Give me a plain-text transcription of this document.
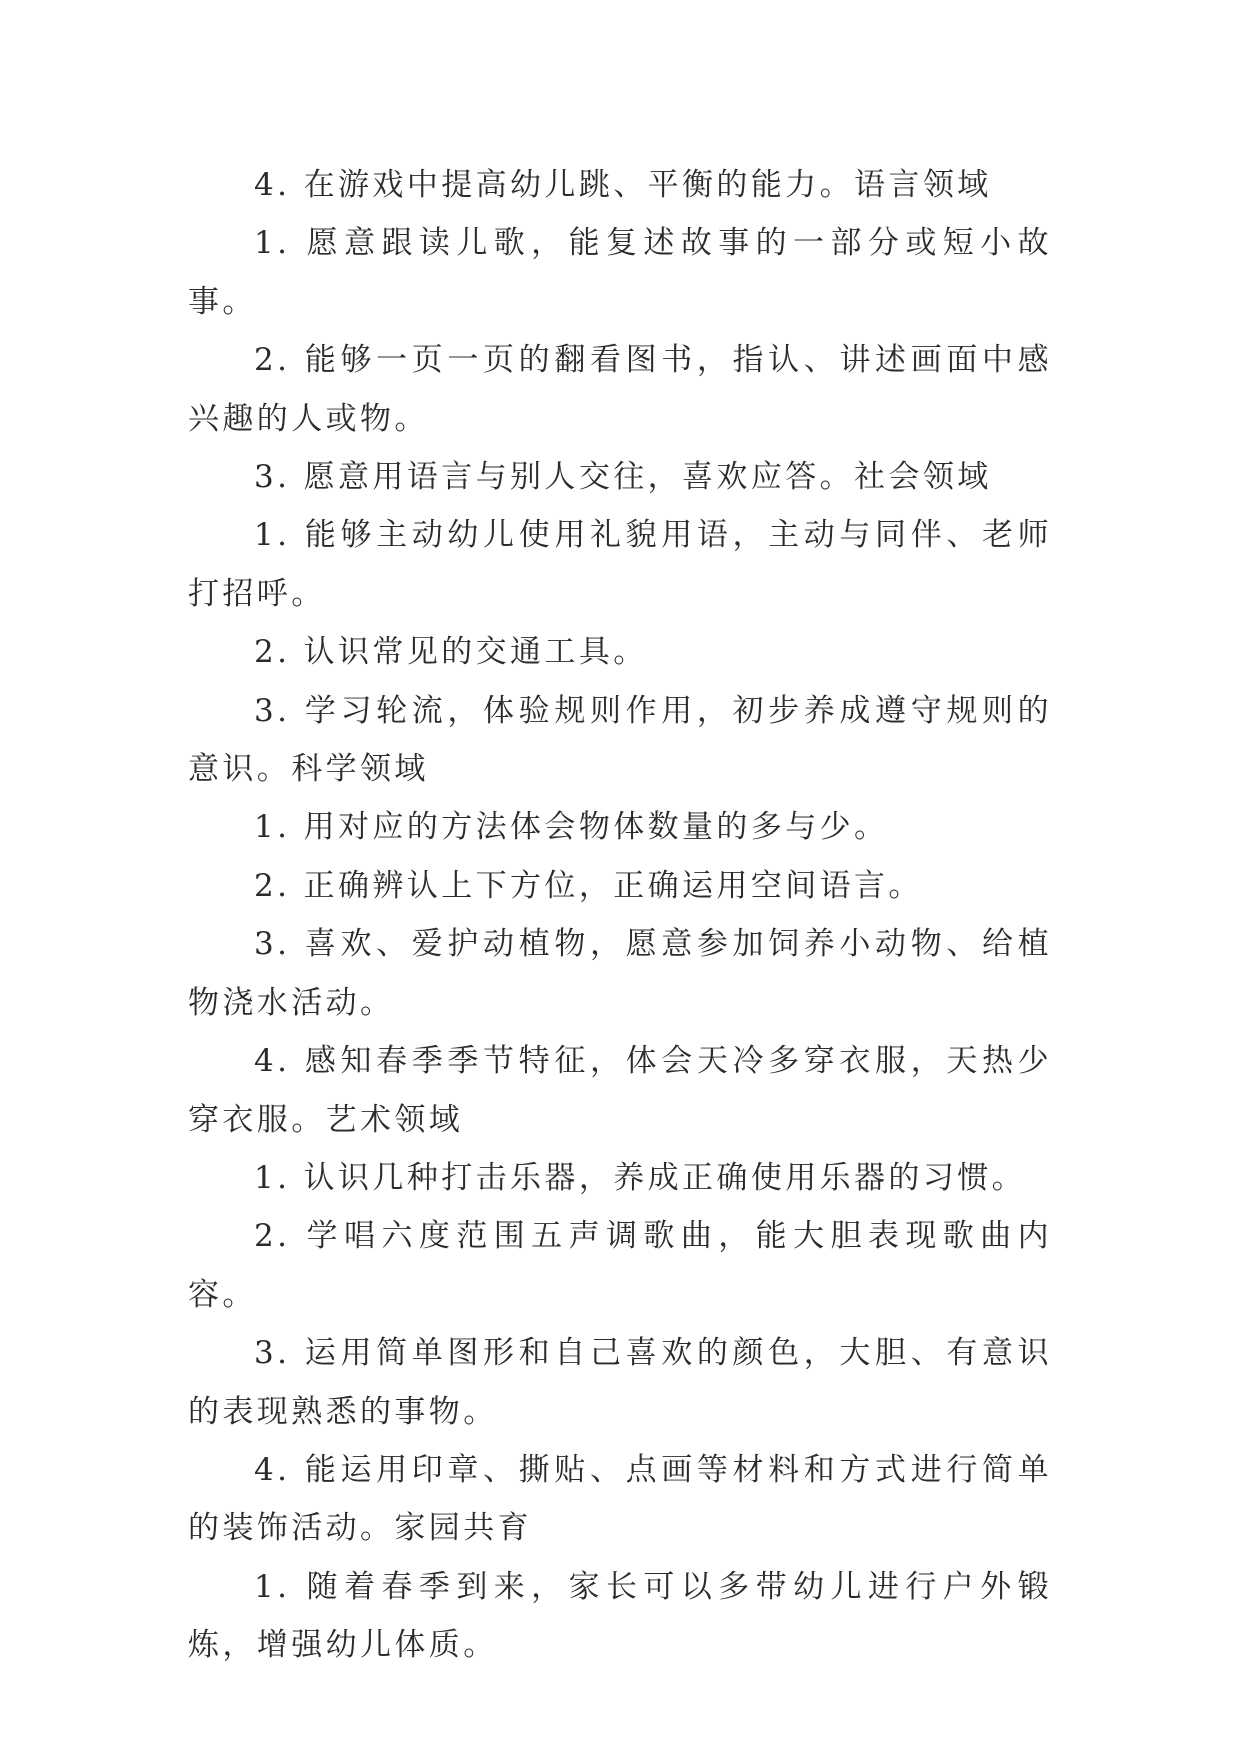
4. 在游戏中提高幼儿跳、平衡的能力。语言领域

1. 愿意跟读儿歌，能复述故事的一部分或短小故事。

2. 能够一页一页的翻看图书，指认、讲述画面中感兴趣的人或物。

3. 愿意用语言与别人交往，喜欢应答。社会领域

1. 能够主动幼儿使用礼貌用语，主动与同伴、老师打招呼。

2. 认识常见的交通工具。

3. 学习轮流，体验规则作用，初步养成遵守规则的意识。科学领域

1. 用对应的方法体会物体数量的多与少。

2. 正确辨认上下方位，正确运用空间语言。

3. 喜欢、爱护动植物，愿意参加饲养小动物、给植物浇水活动。

4. 感知春季季节特征，体会天冷多穿衣服，天热少穿衣服。艺术领域

1. 认识几种打击乐器，养成正确使用乐器的习惯。

2. 学唱六度范围五声调歌曲，能大胆表现歌曲内容。

3. 运用简单图形和自己喜欢的颜色，大胆、有意识的表现熟悉的事物。

4. 能运用印章、撕贴、点画等材料和方式进行简单的装饰活动。家园共育

1. 随着春季到来，家长可以多带幼儿进行户外锻炼，增强幼儿体质。
